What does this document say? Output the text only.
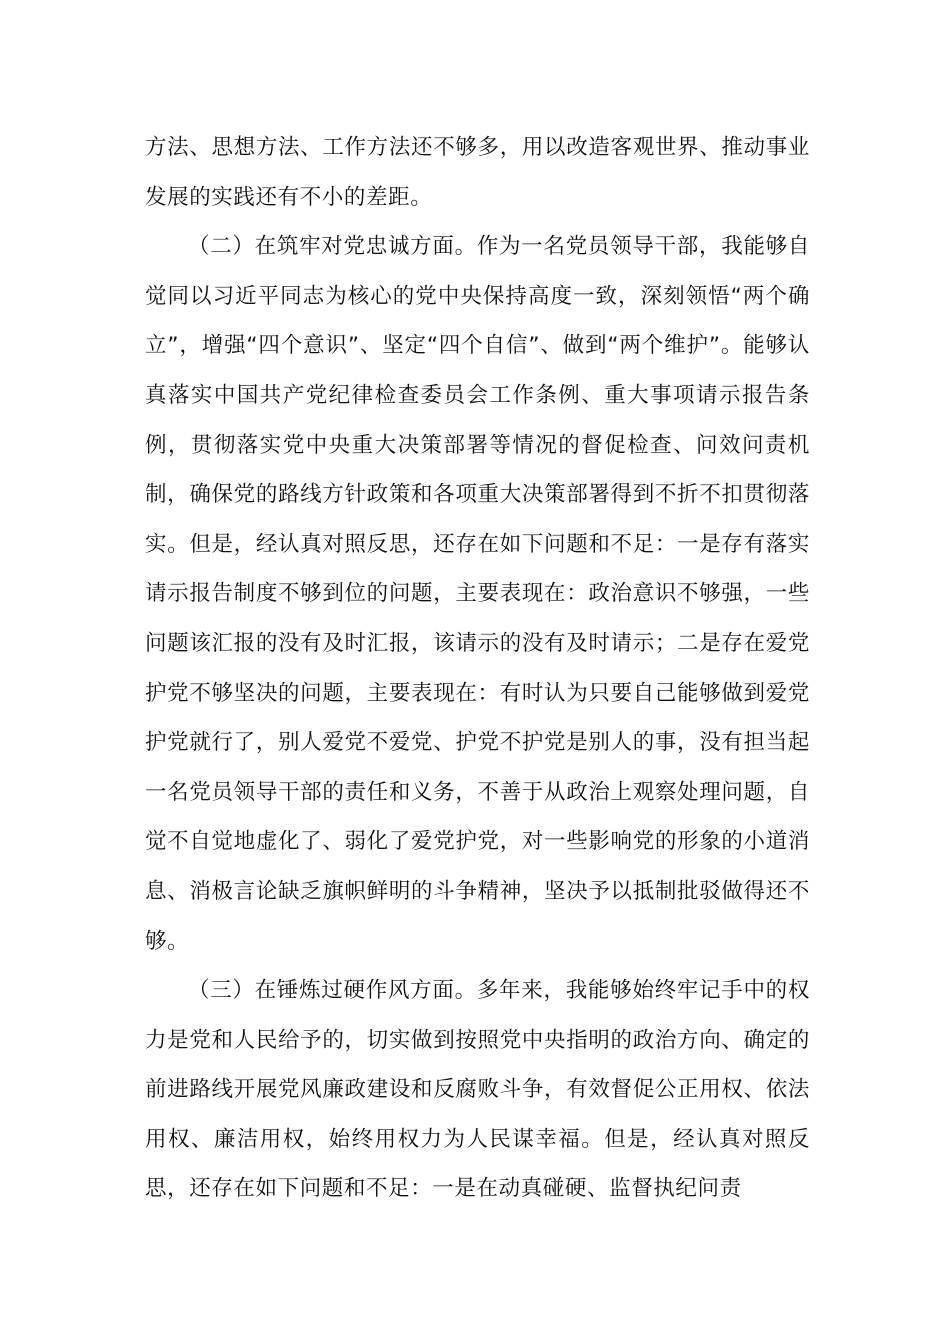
方法、思想方法、工作方法还不够多，用以改造客观世界、推动事业发展的实践还有不小的差距。

（二）在筑牢对党忠诚方面。作为一名党员领导干部，我能够自觉同以习近平同志为核心的党中央保持高度一致，深刻领悟“两个确立”，增强“四个意识”、坚定“四个自信”、做到“两个维护”。能够认真落实中国共产党纪律检查委员会工作条例、重大事项请示报告条例，贯彻落实党中央重大决策部署等情况的督促检查、问效问责机制，确保党的路线方针政策和各项重大决策部署得到不折不扣贯彻落实。但是，经认真对照反思，还存在如下问题和不足：一是存有落实请示报告制度不够到位的问题，主要表现在：政治意识不够强，一些问题该汇报的没有及时汇报，该请示的没有及时请示；二是存在爱党护党不够坚决的问题，主要表现在：有时认为只要自己能够做到爱党护党就行了，别人爱党不爱党、护党不护党是别人的事，没有担当起一名党员领导干部的责任和义务，不善于从政治上观察处理问题，自觉不自觉地虚化了、弱化了爱党护党，对一些影响党的形象的小道消息、消极言论缺乏旗帜鲜明的斗争精神，坚决予以抵制批驳做得还不够。

（三）在锤炼过硬作风方面。多年来，我能够始终牢记手中的权力是党和人民给予的，切实做到按照党中央指明的政治方向、确定的前进路线开展党风廉政建设和反腐败斗争，有效督促公正用权、依法用权、廉洁用权，始终用权力为人民谋幸福。但是，经认真对照反思，还存在如下问题和不足：一是在动真碰硬、监督执纪问责
